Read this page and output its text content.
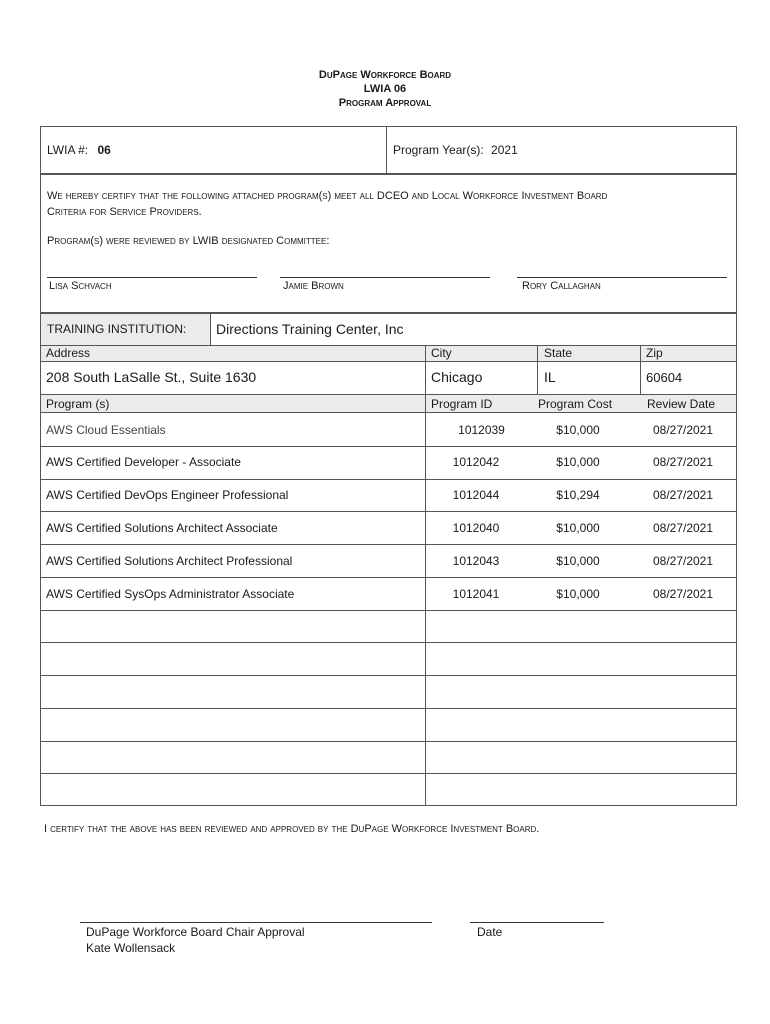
DuPage Workforce Board
LWIA 06
Program Approval
LWIA #: 06	Program Year(s): 2021
We hereby certify that the following attached program(s) meet all DCEO and Local Workforce Investment Board
Criteria for Service Providers.
Program(s) were reviewed by LWIB designated Committee:
Lisa Schvach	Jamie Brown	Rory Callaghan
TRAINING INSTITUTION: Directions Training Center, Inc
Address	City	State	Zip
208 South LaSalle St., Suite 1630	Chicago	IL	60604
Program (s)	Program ID	Program Cost	Review Date
AWS Cloud Essentials	1012039	$10,000	08/27/2021
AWS Certified Developer - Associate	1012042	$10,000	08/27/2021
AWS Certified DevOps Engineer Professional	1012044	$10,294	08/27/2021
AWS Certified Solutions Architect Associate	1012040	$10,000	08/27/2021
AWS Certified Solutions Architect Professional	1012043	$10,000	08/27/2021
AWS Certified SysOps Administrator Associate	1012041	$10,000	08/27/2021
I certify that the above has been reviewed and approved by the DuPage Workforce Investment Board.
DuPage Workforce Board Chair Approval
Kate Wollensack
Date
